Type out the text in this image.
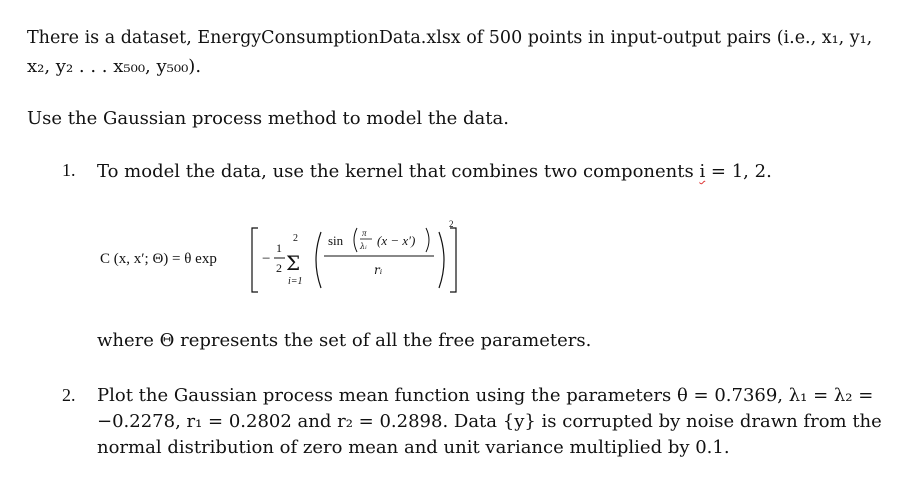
There is a dataset, EnergyConsumptionData.xlsx of 500 points in input-output pairs (i.e., x₁, y₁,
x₂, y₂ . . . x₅₀₀, y₅₀₀).
Use the Gaussian process method to model the data.
1. To model the data, use the kernel that combines two components i = 1, 2.
C (x, x′; Θ) = θ exp	−
1
2
2
Σ
i=1
sin π
λᵢ (x − x′)
rᵢ
2
where Θ represents the set of all the free parameters.
2. Plot the Gaussian process mean function using the parameters θ = 0.7369, λ₁ = λ₂ =
−0.2278, r₁ = 0.2802 and r₂ = 0.2898. Data {y} is corrupted by noise drawn from the
normal distribution of zero mean and unit variance multiplied by 0.1.
